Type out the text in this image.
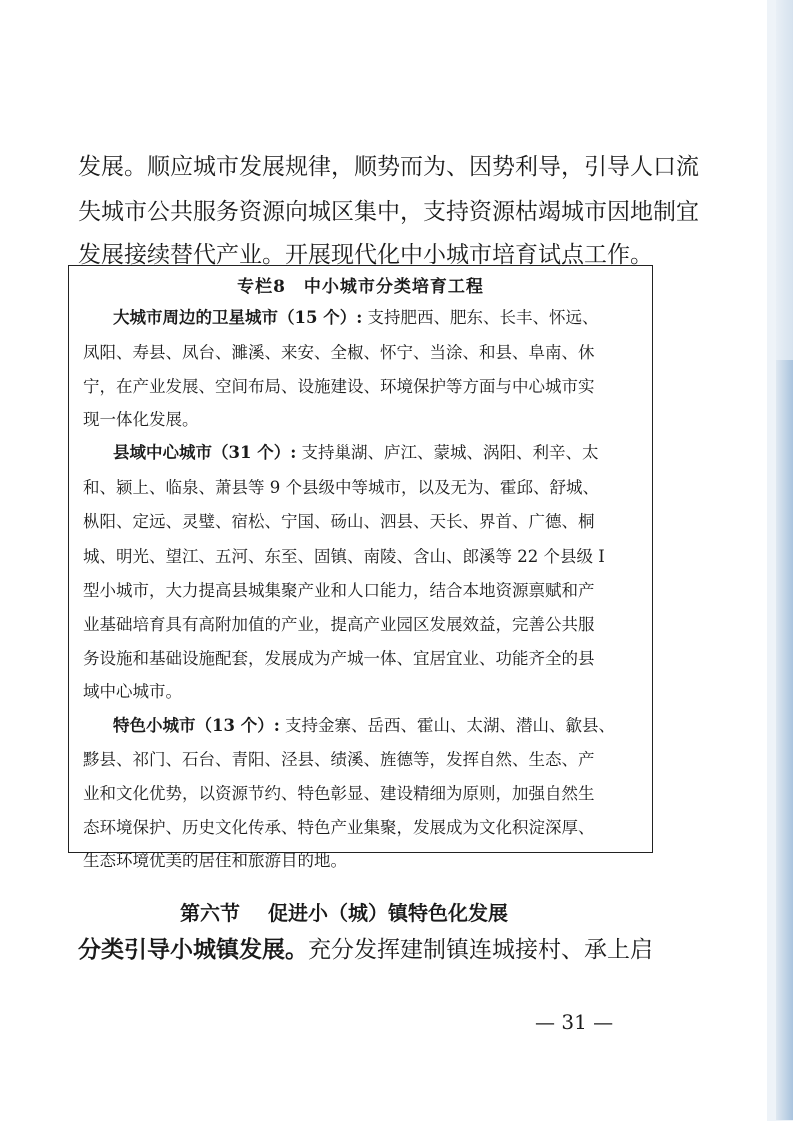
发展。顺应城市发展规律，顺势而为、因势利导，引导人口流
失城市公共服务资源向城区集中，支持资源枯竭城市因地制宜
发展接续替代产业。开展现代化中小城市培育试点工作。
专栏8　中小城市分类培育工程
大城市周边的卫星城市（15 个）: 支持肥西、肥东、长丰、怀远、
凤阳、寿县、凤台、濉溪、来安、全椒、怀宁、当涂、和县、阜南、休
宁，在产业发展、空间布局、设施建设、环境保护等方面与中心城市实
现一体化发展。
县域中心城市（31 个）: 支持巢湖、庐江、蒙城、涡阳、利辛、太
和、颍上、临泉、萧县等 9 个县级中等城市，以及无为、霍邱、舒城、
枞阳、定远、灵璧、宿松、宁国、砀山、泗县、天长、界首、广德、桐
城、明光、望江、五河、东至、固镇、南陵、含山、郎溪等 22 个县级 I
型小城市，大力提高县城集聚产业和人口能力，结合本地资源禀赋和产
业基础培育具有高附加值的产业，提高产业园区发展效益，完善公共服
务设施和基础设施配套，发展成为产城一体、宜居宜业、功能齐全的县
域中心城市。
特色小城市（13 个）: 支持金寨、岳西、霍山、太湖、潜山、歙县、
黟县、祁门、石台、青阳、泾县、绩溪、旌德等，发挥自然、生态、产
业和文化优势，以资源节约、特色彰显、建设精细为原则，加强自然生
态环境保护、历史文化传承、特色产业集聚，发展成为文化积淀深厚、
生态环境优美的居住和旅游目的地。
第六节 促进小（城）镇特色化发展
分类引导小城镇发展。充分发挥建制镇连城接村、承上启
— 31 —
